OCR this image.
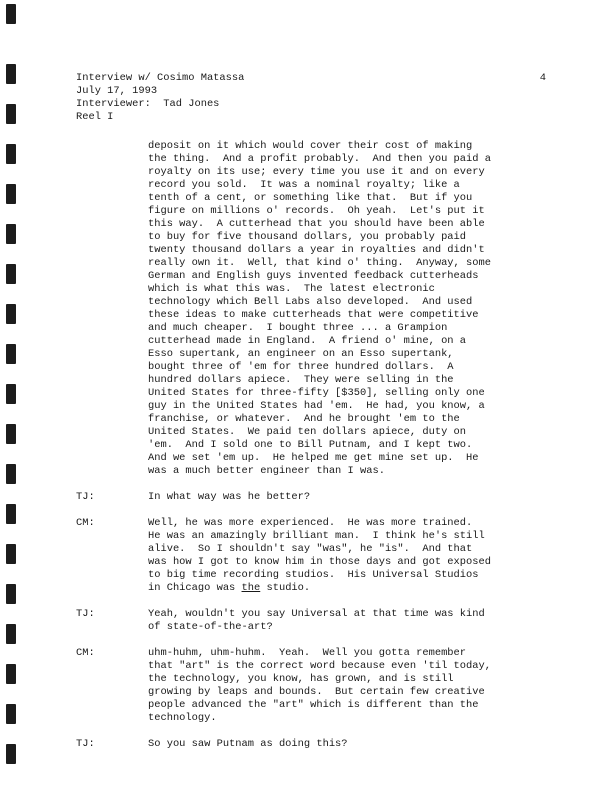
Interview w/ Cosimo Matassa
July 17, 1993
Interviewer:  Tad Jones
Reel I
4
deposit on it which would cover their cost of making
the thing.  And a profit probably.  And then you paid a
royalty on its use; every time you use it and on every
record you sold.  It was a nominal royalty; like a
tenth of a cent, or something like that.  But if you
figure on millions o' records.  Oh yeah.  Let's put it
this way.  A cutterhead that you should have been able
to buy for five thousand dollars, you probably paid
twenty thousand dollars a year in royalties and didn't
really own it.  Well, that kind o' thing.  Anyway, some
German and English guys invented feedback cutterheads
which is what this was.  The latest electronic
technology which Bell Labs also developed.  And used
these ideas to make cutterheads that were competitive
and much cheaper.  I bought three ... a Grampion
cutterhead made in England.  A friend o' mine, on a
Esso supertank, an engineer on an Esso supertank,
bought three of 'em for three hundred dollars.  A
hundred dollars apiece.  They were selling in the
United States for three-fifty [$350], selling only one
guy in the United States had 'em.  He had, you know, a
franchise, or whatever.  And he brought 'em to the
United States.  We paid ten dollars apiece, duty on
'em.  And I sold one to Bill Putnam, and I kept two.
And we set 'em up.  He helped me get mine set up.  He
was a much better engineer than I was.
TJ:	In what way was he better?
CM:	Well, he was more experienced.  He was more trained.
He was an amazingly brilliant man.  I think he's still
alive.  So I shouldn't say "was", he "is".  And that
was how I got to know him in those days and got exposed
to big time recording studios.  His Universal Studios
in Chicago was the studio.
TJ:	Yeah, wouldn't you say Universal at that time was kind
of state-of-the-art?
CM:	uhm-huhm, uhm-huhm.  Yeah.  Well you gotta remember
that "art" is the correct word because even 'til today,
the technology, you know, has grown, and is still
growing by leaps and bounds.  But certain few creative
people advanced the "art" which is different than the
technology.
TJ:	So you saw Putnam as doing this?
